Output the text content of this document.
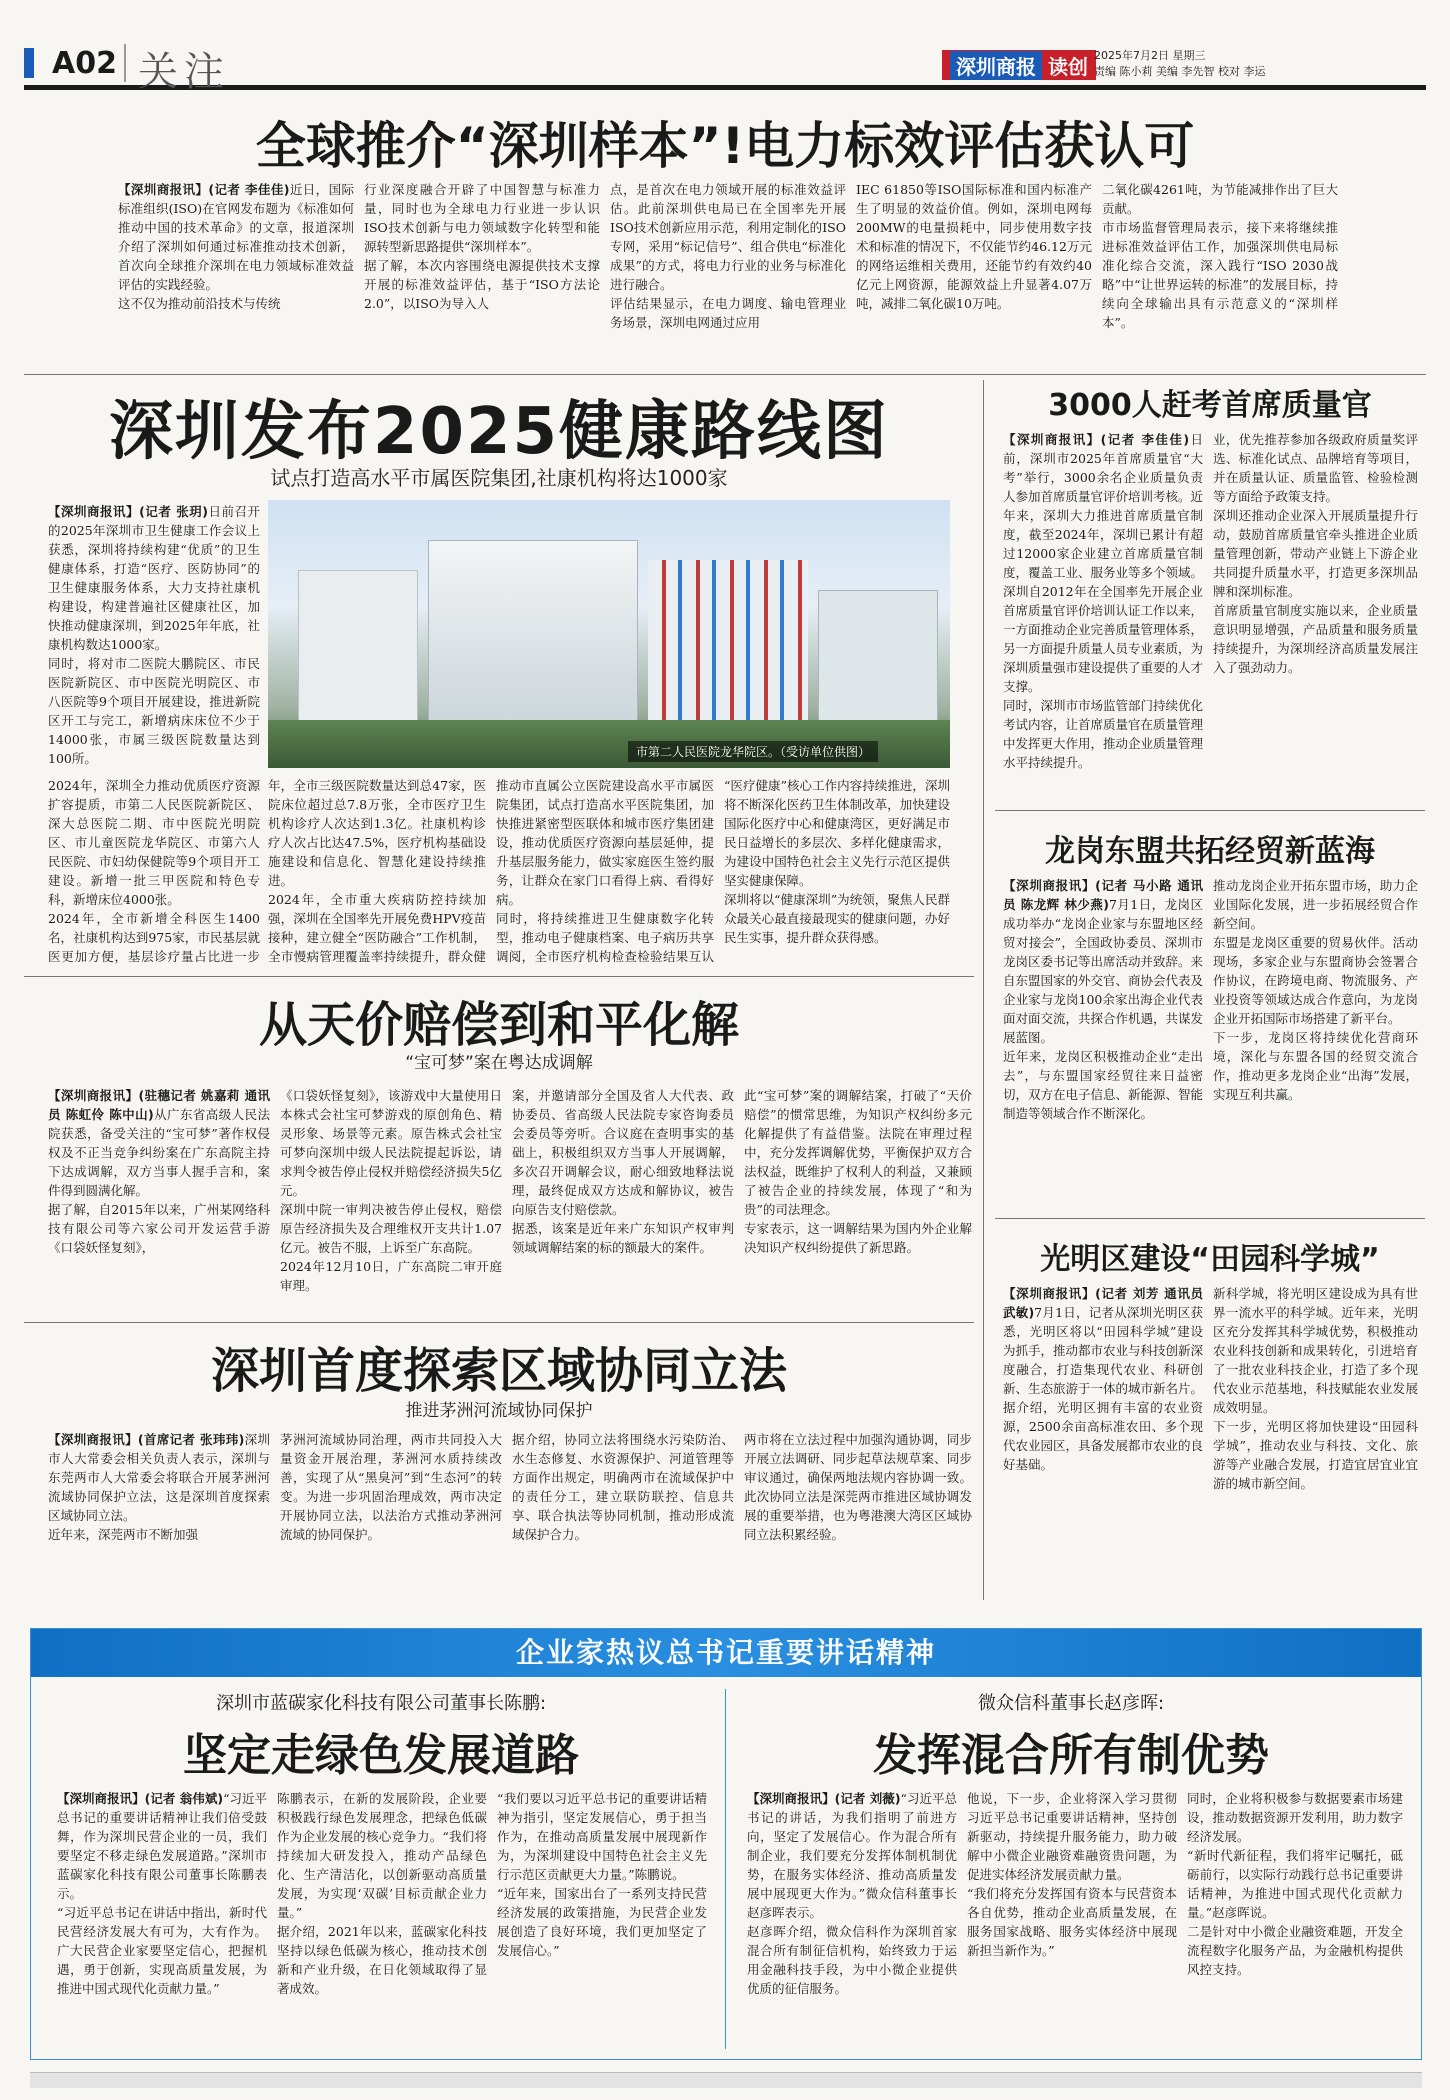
A02 关注	深圳商报 读创 2025年7月2日 星期三
责编 陈小莉 美编 李先智 校对 李运
全球推介“深圳样本”!电力标效评估获认可
【深圳商报讯】(记者 李佳佳)近日，国际标准组织(ISO)在官网发布题为《标准如何推动中国的技术革命》的文章，报道深圳介绍了深圳如何通过标准推动技术创新，首次向全球推介深圳在电力领域标准效益评估的实践经验。
这不仅为推动前沿技术与传统
行业深度融合开辟了中国智慧与标准力量，同时也为全球电力行业进一步认识ISO技术创新与电力领域数字化转型和能源转型新思路提供“深圳样本”。
据了解，本次内容围绕电源提供技术支撑开展的标准效益评估，基于“ISO方法论2.0”，以ISO为导入人
点，是首次在电力领域开展的标准效益评估。此前深圳供电局已在全国率先开展ISO技术创新应用示范，利用定制化的ISO专网，采用“标记信号”、组合供电“标准化成果”的方式，将电力行业的业务与标准化进行融合。
评估结果显示，在电力调度、输电管理业务场景，深圳电网通过应用
IEC 61850等ISO国际标准和国内标准产生了明显的效益价值。例如，深圳电网每200MW的电量损耗中，同步使用数字技术和标准的情况下，不仅能节约46.12万元的网络运维相关费用，还能节约有效约40亿元上网资源，能源效益上升显著4.07万吨，减排二氧化碳10万吨。
二氧化碳4261吨，为节能减排作出了巨大贡献。
市市场监督管理局表示，接下来将继续推进标准效益评估工作，加强深圳供电局标准化综合交流，深入践行“ISO 2030战略”中“让世界运转的标准”的发展目标，持续向全球输出具有示范意义的“深圳样本”。
深圳发布2025健康路线图
试点打造高水平市属医院集团,社康机构将达1000家
【深圳商报讯】(记者 张玥)日前召开的2025年深圳市卫生健康工作会议上获悉，深圳将持续构建“优质”的卫生健康体系，打造“医疗、医防协同”的卫生健康服务体系，大力支持社康机构建设，构建普遍社区健康社区，加快推动健康深圳，到2025年年底，社康机构数达1000家。
同时，将对市二医院大鹏院区、市民医院新院区、市中医院光明院区、市八医院等9个项目开展建设，推进新院区开工与完工，新增病床床位不少于14000张，市属三级医院数量达到100所。	市第二人民医院龙华院区。（受访单位供图）
2024年，深圳全力推动优质医疗资源扩容提质，市第二人民医院新院区、深大总医院二期、市中医院光明院区、市儿童医院龙华院区、市第六人民医院、市妇幼保健院等9个项目开工建设。新增一批三甲医院和特色专科，新增床位4000张。
2024年，全市新增全科医生1400名，社康机构达到975家，市民基层就医更加方便，基层诊疗量占比进一步
年，全市三级医院数量达到总47家，医院床位超过总7.8万张，全市医疗卫生机构诊疗人次达到1.3亿。社康机构诊疗人次占比达47.5%，医疗机构基础设施建设和信息化、智慧化建设持续推进。
2024年，全市重大疾病防控持续加强，深圳在全国率先开展免费HPV疫苗接种，建立健全“医防融合”工作机制，全市慢病管理覆盖率持续提升，群众健
推动市直属公立医院建设高水平市属医院集团，试点打造高水平医院集团，加快推进紧密型医联体和城市医疗集团建设，推动优质医疗资源向基层延伸，提升基层服务能力，做实家庭医生签约服务，让群众在家门口看得上病、看得好病。
同时，将持续推进卫生健康数字化转型，推动电子健康档案、电子病历共享调阅，全市医疗机构检查检验结果互认

“医疗健康”核心工作内容持续推进，深圳将不断深化医药卫生体制改革，加快建设国际化医疗中心和健康湾区，更好满足市民日益增长的多层次、多样化健康需求，为建设中国特色社会主义先行示范区提供坚实健康保障。
深圳将以“健康深圳”为统领，聚焦人民群众最关心最直接最现实的健康问题，办好民生实事，提升群众获得感。
3000人赶考首席质量官
【深圳商报讯】(记者 李佳佳)日前，深圳市2025年首席质量官“大考”举行，3000余名企业质量负责人参加首席质量官评价培训考核。近年来，深圳大力推进首席质量官制度，截至2024年，深圳已累计有超过12000家企业建立首席质量官制度，覆盖工业、服务业等多个领域。
深圳自2012年在全国率先开展企业首席质量官评价培训认证工作以来，一方面推动企业完善质量管理体系，另一方面提升质量人员专业素质，为深圳质量强市建设提供了重要的人才支撑。
同时，深圳市市场监管部门持续优化考试内容，让首席质量官在质量管理中发挥更大作用，推动企业质量管理水平持续提升。
业，优先推荐参加各级政府质量奖评选、标准化试点、品牌培育等项目，并在质量认证、质量监管、检验检测等方面给予政策支持。
深圳还推动企业深入开展质量提升行动，鼓励首席质量官牵头推进企业质量管理创新，带动产业链上下游企业共同提升质量水平，打造更多深圳品牌和深圳标准。
首席质量官制度实施以来，企业质量意识明显增强，产品质量和服务质量持续提升，为深圳经济高质量发展注入了强劲动力。
龙岗东盟共拓经贸新蓝海
【深圳商报讯】(记者 马小路 通讯员 陈龙辉 林少燕)7月1日，龙岗区成功举办“龙岗企业家与东盟地区经贸对接会”，全国政协委员、深圳市龙岗区委书记等出席活动并致辞。来自东盟国家的外交官、商协会代表及企业家与龙岗100余家出海企业代表面对面交流，共探合作机遇，共谋发展蓝图。
近年来，龙岗区积极推动企业“走出去”，与东盟国家经贸往来日益密切，双方在电子信息、新能源、智能制造等领域合作不断深化。
推动龙岗企业开拓东盟市场，助力企业国际化发展，进一步拓展经贸合作新空间。
东盟是龙岗区重要的贸易伙伴。活动现场，多家企业与东盟商协会签署合作协议，在跨境电商、物流服务、产业投资等领域达成合作意向，为龙岗企业开拓国际市场搭建了新平台。
下一步，龙岗区将持续优化营商环境，深化与东盟各国的经贸交流合作，推动更多龙岗企业“出海”发展，实现互利共赢。
光明区建设“田园科学城”
【深圳商报讯】(记者 刘芳 通讯员 武敏)7月1日，记者从深圳光明区获悉，光明区将以“田园科学城”建设为抓手，推动都市农业与科技创新深度融合，打造集现代农业、科研创新、生态旅游于一体的城市新名片。
据介绍，光明区拥有丰富的农业资源，2500余亩高标准农田、多个现代农业园区，具备发展都市农业的良好基础。
新科学城，将光明区建设成为具有世界一流水平的科学城。近年来，光明区充分发挥其科学城优势，积极推动农业科技创新和成果转化，引进培育了一批农业科技企业，打造了多个现代农业示范基地，科技赋能农业发展成效明显。
下一步，光明区将加快建设“田园科学城”，推动农业与科技、文化、旅游等产业融合发展，打造宜居宜业宜游的城市新空间。
从天价赔偿到和平化解
“宝可梦”案在粤达成调解
【深圳商报讯】(驻穗记者 姚嘉莉 通讯员 陈虹伶 陈中山)从广东省高级人民法院获悉，备受关注的“宝可梦”著作权侵权及不正当竞争纠纷案在广东高院主持下达成调解，双方当事人握手言和，案件得到圆满化解。
据了解，自2015年以来，广州某网络科技有限公司等六家公司开发运营手游《口袋妖怪复刻》，
《口袋妖怪复刻》，该游戏中大量使用日本株式会社宝可梦游戏的原创角色、精灵形象、场景等元素。原告株式会社宝可梦向深圳中级人民法院提起诉讼，请求判令被告停止侵权并赔偿经济损失5亿元。
深圳中院一审判决被告停止侵权，赔偿原告经济损失及合理维权开支共计1.07亿元。被告不服，上诉至广东高院。
2024年12月10日，广东高院二审开庭审理。
案，并邀请部分全国及省人大代表、政协委员、省高级人民法院专家咨询委员会委员等旁听。合议庭在查明事实的基础上，积极组织双方当事人开展调解，多次召开调解会议，耐心细致地释法说理，最终促成双方达成和解协议，被告向原告支付赔偿款。
据悉，该案是近年来广东知识产权审判领域调解结案的标的额最大的案件。
此“宝可梦”案的调解结案，打破了“天价赔偿”的惯常思维，为知识产权纠纷多元化解提供了有益借鉴。法院在审理过程中，充分发挥调解优势，平衡保护双方合法权益，既维护了权利人的利益，又兼顾了被告企业的持续发展，体现了“和为贵”的司法理念。
专家表示，这一调解结果为国内外企业解决知识产权纠纷提供了新思路。
深圳首度探索区域协同立法
推进茅洲河流域协同保护
【深圳商报讯】(首席记者 张玮玮)深圳市人大常委会相关负责人表示，深圳与东莞两市人大常委会将联合开展茅洲河流域协同保护立法，这是深圳首度探索区域协同立法。
近年来，深莞两市不断加强
茅洲河流域协同治理，两市共同投入大量资金开展治理，茅洲河水质持续改善，实现了从“黑臭河”到“生态河”的转变。为进一步巩固治理成效，两市决定开展协同立法，以法治方式推动茅洲河流域的协同保护。
据介绍，协同立法将围绕水污染防治、水生态修复、水资源保护、河道管理等方面作出规定，明确两市在流域保护中的责任分工，建立联防联控、信息共享、联合执法等协同机制，推动形成流域保护合力。
两市将在立法过程中加强沟通协调，同步开展立法调研、同步起草法规草案、同步审议通过，确保两地法规内容协调一致。此次协同立法是深莞两市推进区域协调发展的重要举措，也为粤港澳大湾区区域协同立法积累经验。
企业家热议总书记重要讲话精神
深圳市蓝碳家化科技有限公司董事长陈鹏:
坚定走绿色发展道路
【深圳商报讯】(记者 翁伟斌)“习近平总书记的重要讲话精神让我们倍受鼓舞，作为深圳民营企业的一员，我们要坚定不移走绿色发展道路。”深圳市蓝碳家化科技有限公司董事长陈鹏表示。
“习近平总书记在讲话中指出，新时代民营经济发展大有可为，大有作为。广大民营企业家要坚定信心，把握机遇，勇于创新，实现高质量发展，为推进中国式现代化贡献力量。”
陈鹏表示，在新的发展阶段，企业要积极践行绿色发展理念，把绿色低碳作为企业发展的核心竞争力。“我们将持续加大研发投入，推动产品绿色化、生产清洁化，以创新驱动高质量发展，为实现‘双碳’目标贡献企业力量。”
据介绍，2021年以来，蓝碳家化科技坚持以绿色低碳为核心，推动技术创新和产业升级，在日化领域取得了显著成效。
“我们要以习近平总书记的重要讲话精神为指引，坚定发展信心，勇于担当作为，在推动高质量发展中展现新作为，为深圳建设中国特色社会主义先行示范区贡献更大力量。”陈鹏说。
“近年来，国家出台了一系列支持民营经济发展的政策措施，为民营企业发展创造了良好环境，我们更加坚定了发展信心。”
微众信科董事长赵彦晖:
发挥混合所有制优势
【深圳商报讯】(记者 刘薇)“习近平总书记的讲话，为我们指明了前进方向，坚定了发展信心。作为混合所有制企业，我们要充分发挥体制机制优势，在服务实体经济、推动高质量发展中展现更大作为。”微众信科董事长赵彦晖表示。
赵彦晖介绍，微众信科作为深圳首家混合所有制征信机构，始终致力于运用金融科技手段，为中小微企业提供优质的征信服务。
他说，下一步，企业将深入学习贯彻习近平总书记重要讲话精神，坚持创新驱动，持续提升服务能力，助力破解中小微企业融资难融资贵问题，为促进实体经济发展贡献力量。
“我们将充分发挥国有资本与民营资本各自优势，推动企业高质量发展，在服务国家战略、服务实体经济中展现新担当新作为。”
同时，企业将积极参与数据要素市场建设，推动数据资源开发利用，助力数字经济发展。
“新时代新征程，我们将牢记嘱托，砥砺前行，以实际行动践行总书记重要讲话精神，为推进中国式现代化贡献力量。”赵彦晖说。
二是针对中小微企业融资难题，开发全流程数字化服务产品，为金融机构提供风控支持。
